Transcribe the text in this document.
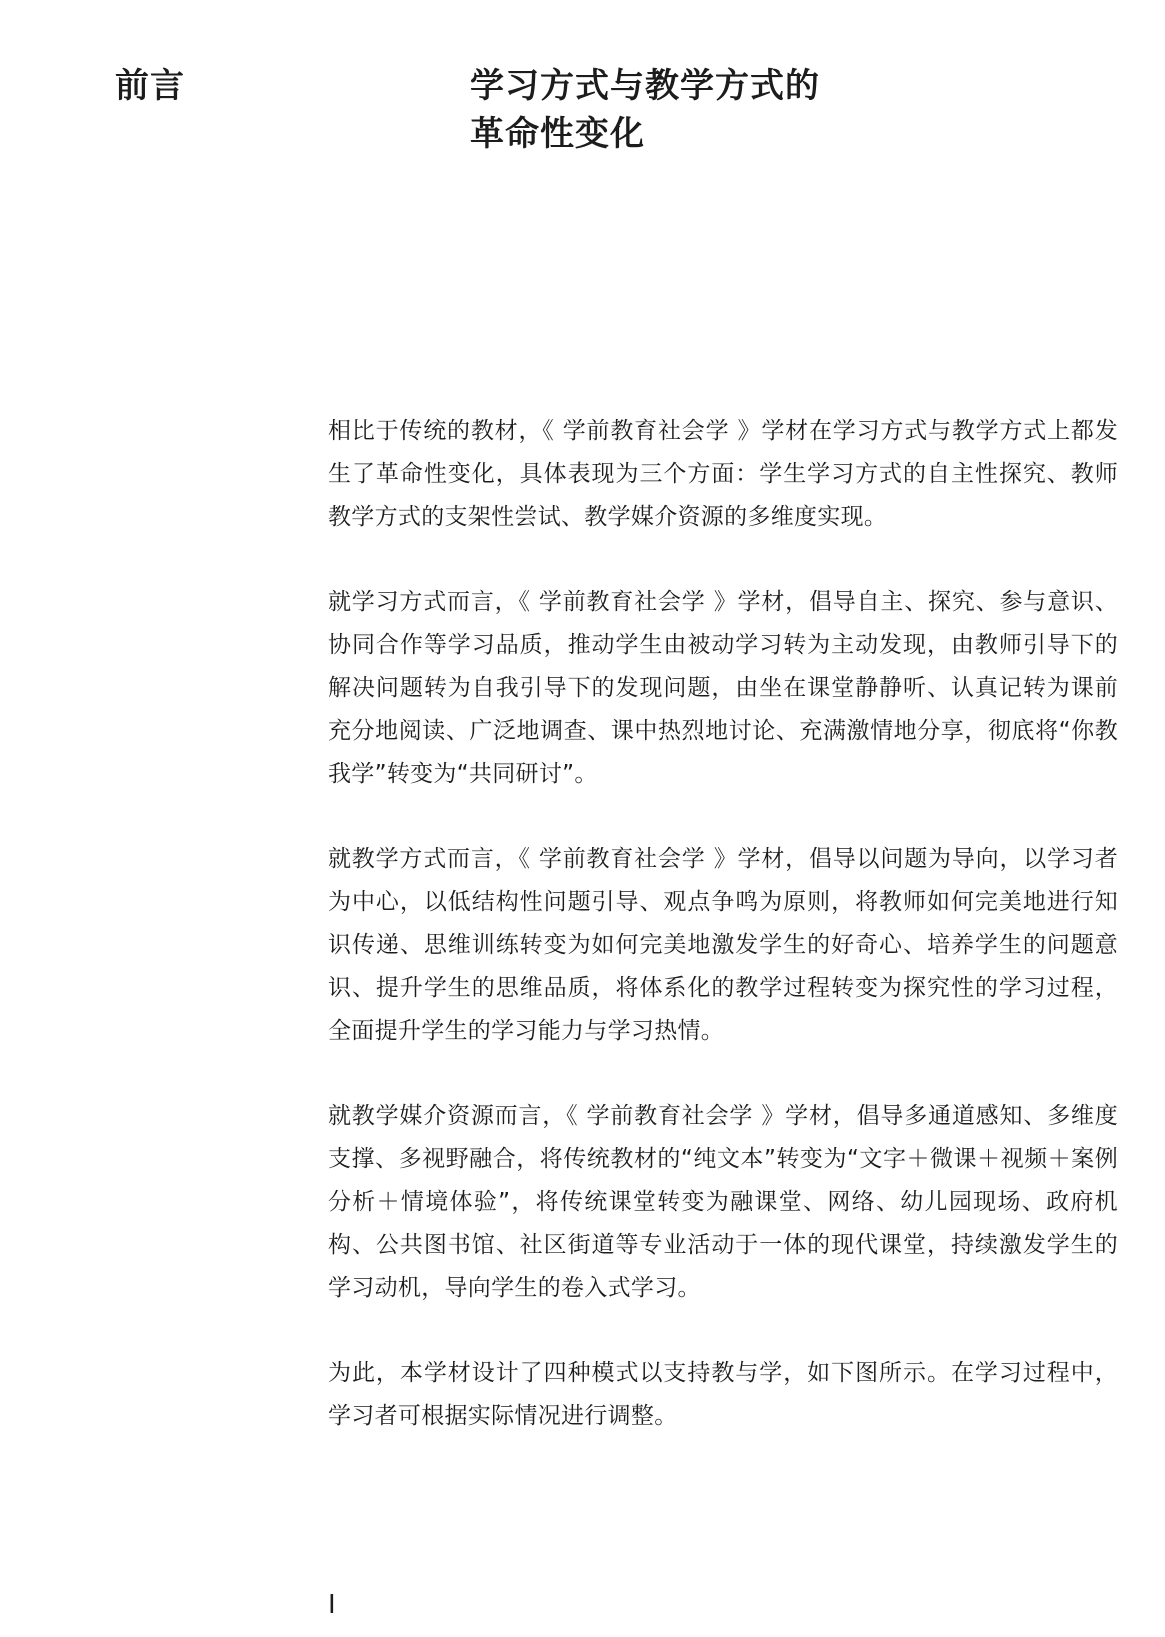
前言	学习方式与教学方式的
革命性变化

相比于传统的教材，《 学前教育社会学 》学材在学习方式与教学方式上都发生了革命性变化，具体表现为三个方面：学生学习方式的自主性探究、教师教学方式的支架性尝试、教学媒介资源的多维度实现。

就学习方式而言，《 学前教育社会学 》学材，倡导自主、探究、参与意识、协同合作等学习品质，推动学生由被动学习转为主动发现，由教师引导下的解决问题转为自我引导下的发现问题，由坐在课堂静静听、认真记转为课前充分地阅读、广泛地调查、课中热烈地讨论、充满激情地分享，彻底将“你教我学”转变为“共同研讨”。

就教学方式而言，《 学前教育社会学 》学材，倡导以问题为导向，以学习者为中心，以低结构性问题引导、观点争鸣为原则，将教师如何完美地进行知识传递、思维训练转变为如何完美地激发学生的好奇心、培养学生的问题意识、提升学生的思维品质，将体系化的教学过程转变为探究性的学习过程，全面提升学生的学习能力与学习热情。

就教学媒介资源而言，《 学前教育社会学 》学材，倡导多通道感知、多维度支撑、多视野融合，将传统教材的“纯文本”转变为“文字＋微课＋视频＋案例分析＋情境体验”，将传统课堂转变为融课堂、网络、幼儿园现场、政府机构、公共图书馆、社区街道等专业活动于一体的现代课堂，持续激发学生的学习动机，导向学生的卷入式学习。

为此，本学材设计了四种模式以支持教与学，如下图所示。在学习过程中，学习者可根据实际情况进行调整。

I
